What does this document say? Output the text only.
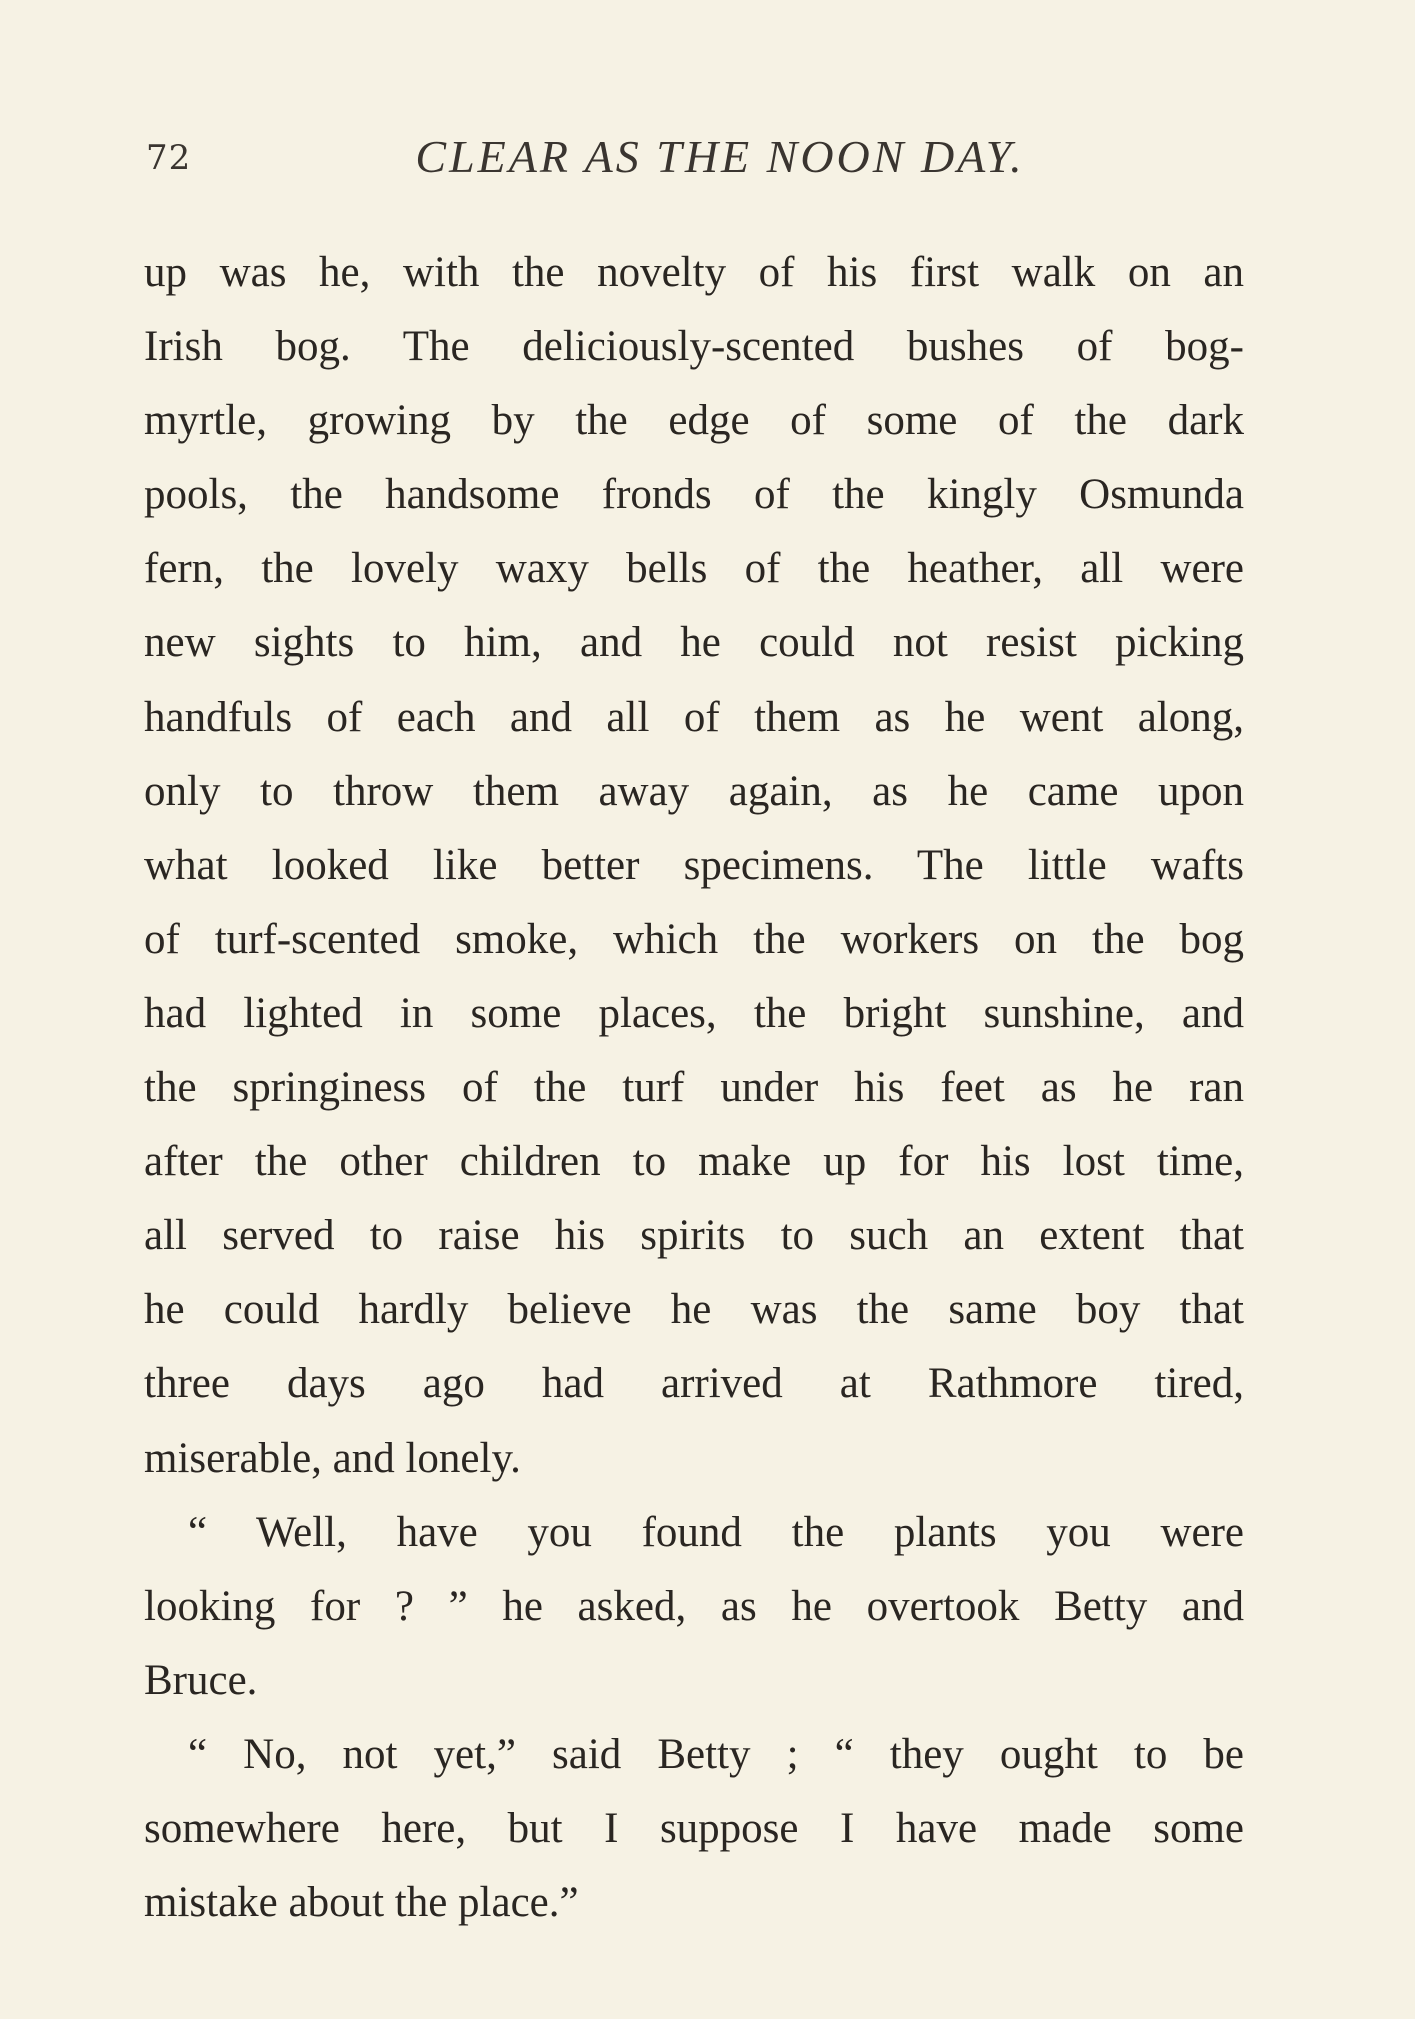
72	CLEAR AS THE NOON DAY.
up was he, with the novelty of his first walk on an
Irish bog. The deliciously-scented bushes of bog-
myrtle, growing by the edge of some of the dark
pools, the handsome fronds of the kingly Osmunda
fern, the lovely waxy bells of the heather, all were
new sights to him, and he could not resist picking
handfuls of each and all of them as he went along,
only to throw them away again, as he came upon
what looked like better specimens. The little wafts
of turf-scented smoke, which the workers on the bog
had lighted in some places, the bright sunshine, and
the springiness of the turf under his feet as he ran
after the other children to make up for his lost time,
all served to raise his spirits to such an extent that
he could hardly believe he was the same boy that
three days ago had arrived at Rathmore tired,
miserable, and lonely.
“ Well, have you found the plants you were
looking for ? ” he asked, as he overtook Betty and
Bruce.
“ No, not yet,” said Betty ; “ they ought to be
somewhere here, but I suppose I have made some
mistake about the place.”
